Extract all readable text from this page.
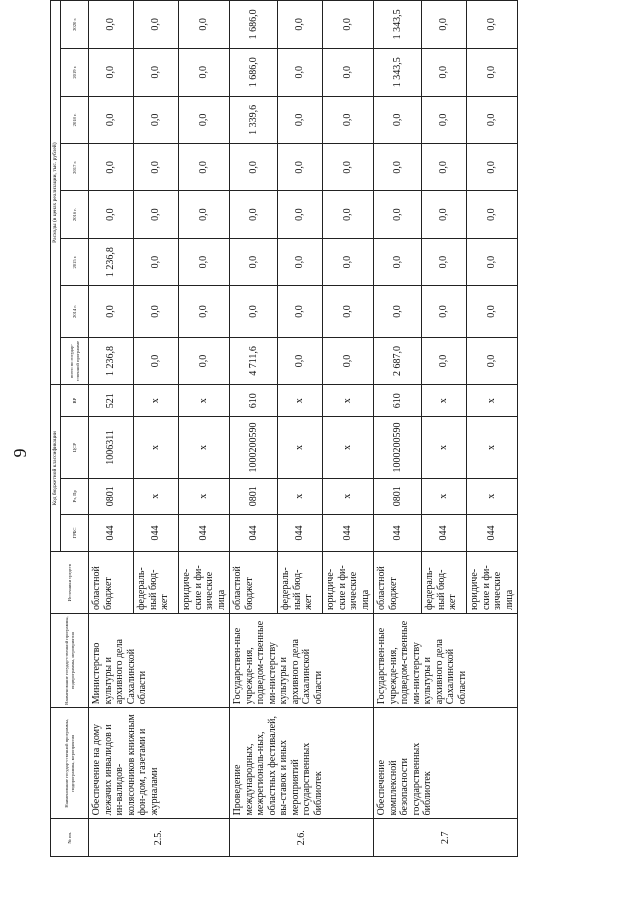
9
№ пп.	Наименование государ-ственной программы, подпрограммы, мероприятия	Наименование государ-ственной программы, подпрограммы, мероприятия	Источники средств	Код бюджетной классификации				Расходы (в ценах реализации, тыс. рублей)							
				ГРБС	Рз, Пр	ЦСР	ВР	всего по государ-ственной программе	2014 г.	2015 г.	2016 г.	2017 г.	2018 г.	2019 г.	2020 г.
2.5.	Обеспечение на дому лежачих инвалидов и ин-валидов-колясочников книжным фон-дом, газетами и журналами	Министерство культуры и архивного дела Сахалинской области	областной бюджет	044	0801	1006311	521	1 236,8	0,0	1 236,8	0,0	0,0	0,0	0,0	0,0
			федераль-ный бюд-жет	044	х	х	х	0,0	0,0	0,0	0,0	0,0	0,0	0,0	0,0
			юридиче-ские и фи-зические лица	044	х	х	х	0,0	0,0	0,0	0,0	0,0	0,0	0,0	0,0
2.6.	Проведение международных, межрегиональ-ных, областных фестивалей, вы-ставок и иных мероприятий государственных библиотек	Государствен-ные учрежде-ния, подведом-ственные ми-нистерству культуры и архивного дела Сахалинской области	областной бюджет	044	0801	1000200590	610	4 711,6	0,0	0,0	0,0	0,0	1 339,6	1 686,0	1 686,0
			федераль-ный бюд-жет	044	х	х	х	0,0	0,0	0,0	0,0	0,0	0,0	0,0	0,0
			юридиче-ские и фи-зические лица	044	х	х	х	0,0	0,0	0,0	0,0	0,0	0,0	0,0	0,0
2.7	Обеспечение комплексной безопасности государственных библиотек	Государствен-ные учрежде-ния, подведом-ственные ми-нистерству культуры и архивного дела Сахалинской области	областной бюджет	044	0801	1000200590	610	2 687,0	0,0	0,0	0,0	0,0	0,0	1 343,5	1 343,5
			федераль-ный бюд-жет	044	х	х	х	0,0	0,0	0,0	0,0	0,0	0,0	0,0	0,0
			юридиче-ские и фи-зические лица	044	х	х	х	0,0	0,0	0,0	0,0	0,0	0,0	0,0	0,0
